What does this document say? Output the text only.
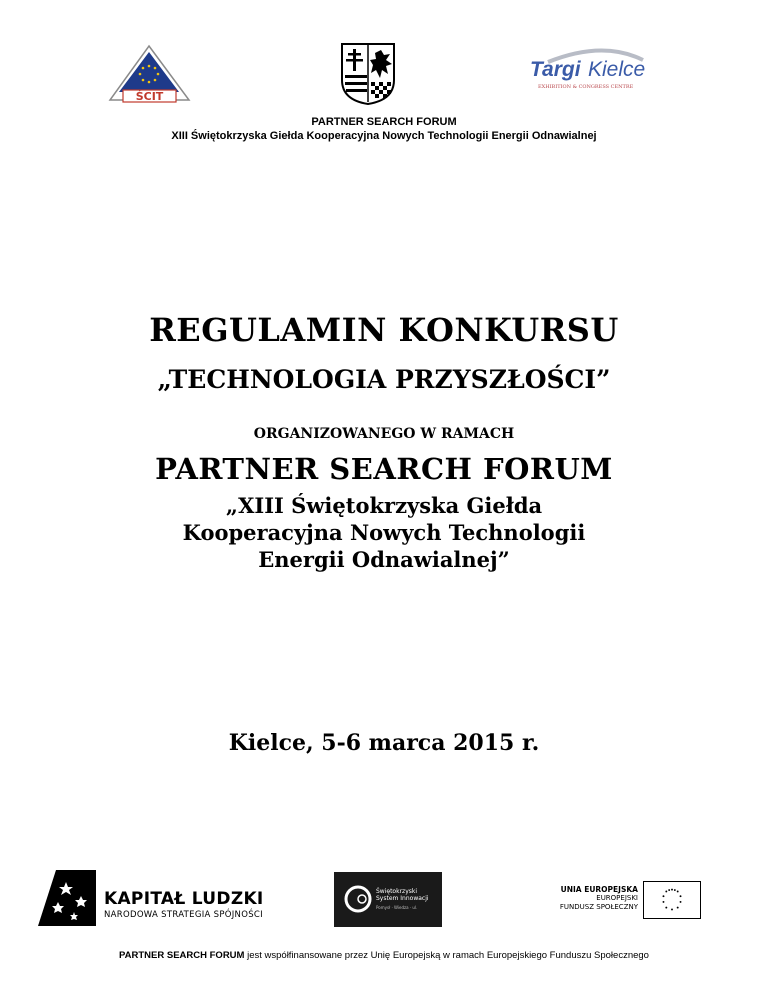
ŚCIT
Targi Kielce
EXHIBITION & CONGRESS CENTRE
PARTNER SEARCH FORUM
XIII Świętokrzyska Giełda Kooperacyjna Nowych Technologii Energii Odnawialnej
REGULAMIN KONKURSU
„TECHNOLOGIA PRZYSZŁOŚCI”
ORGANIZOWANEGO W RAMACH
PARTNER SEARCH FORUM
„XIII Świętokrzyska Giełda
Kooperacyjna Nowych Technologii
Energii Odnawialnej”
Kielce, 5-6 marca 2015 r.
KAPITAŁ LUDZKI
NARODOWA STRATEGIA SPÓJNOŚCI
Świętokrzyski
System Innowacji
Pomysł · Wiedza · ul.
UNIA EUROPEJSKA
EUROPEJSKI
FUNDUSZ SPOŁECZNY
PARTNER SEARCH FORUM jest współfinansowane przez Unię Europejską w ramach Europejskiego Funduszu Społecznego
